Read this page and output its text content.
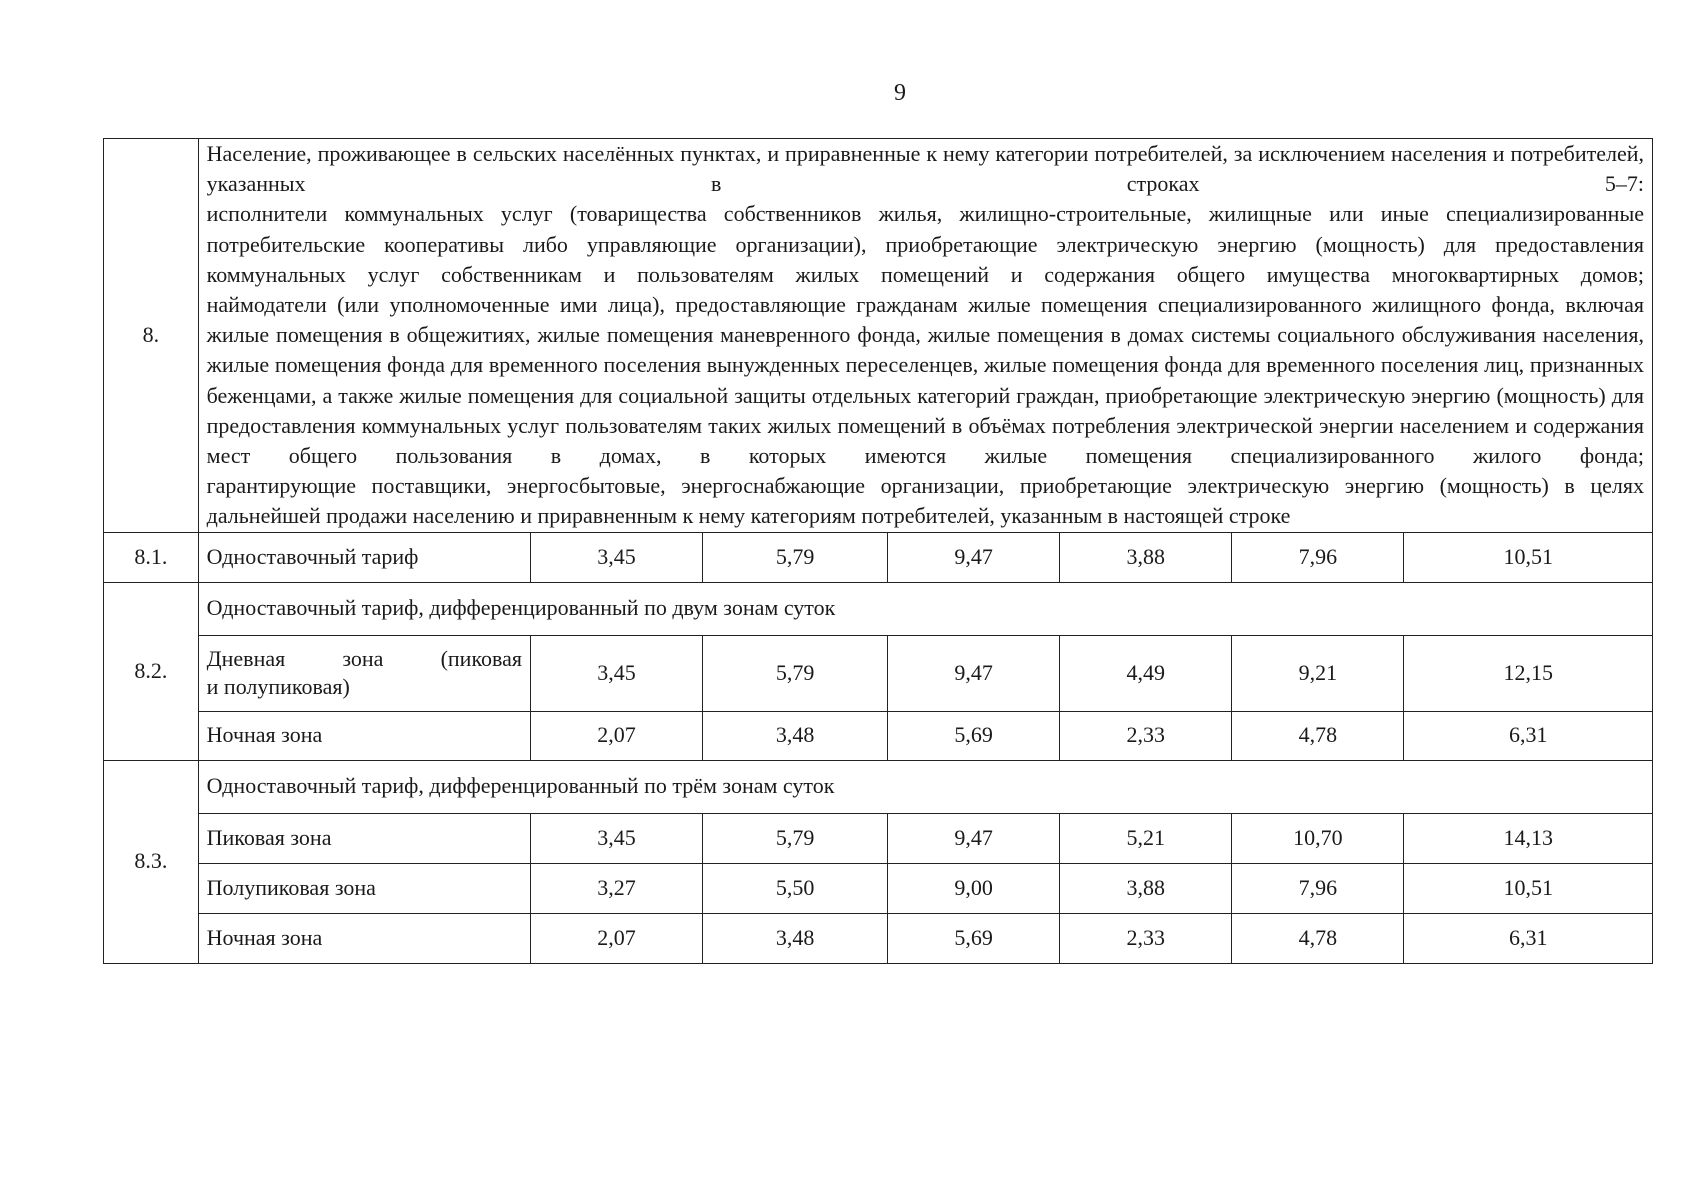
9
8.	Население, проживающее в сельских населённых пунктах, и приравненные к нему категории потребителей, за исключением населения и потребителей, указанных в строках 5–7:

исполнители коммунальных услуг (товарищества собственников жилья, жилищно-строительные, жилищные или иные специализированные потребительские кооперативы либо управляющие организации), приобретающие электрическую энергию (мощность) для предоставления коммунальных услуг собственникам и пользователям жилых помещений и содержания общего имущества многоквартирных домов;

наймодатели (или уполномоченные ими лица), предоставляющие гражданам жилые помещения специализированного жилищного фонда, включая жилые помещения в общежитиях, жилые помещения маневренного фонда, жилые помещения в домах системы социального обслуживания населения, жилые помещения фонда для временного поселения вынужденных переселенцев, жилые помещения фонда для временного поселения лиц, признанных беженцами, а также жилые помещения для социальной защиты отдельных категорий граждан, приобретающие электрическую энергию (мощность) для предоставления коммунальных услуг пользователям таких жилых помещений в объёмах потребления электрической энергии населением и содержания мест общего пользования в домах, в которых имеются жилые помещения специализированного жилого фонда;

гарантирующие поставщики, энергосбытовые, энергоснабжающие организации, приобретающие электрическую энергию (мощность) в целях дальнейшей продажи населению и приравненным к нему категориям потребителей, указанным в настоящей строке						

8.1.	Одноставочный тариф	3,45	5,79	9,47	3,88	7,96	10,51
8.2.	Одноставочный тариф, дифференцированный по двум зонам суток						
	Дневная зона (пиковая
и полупиковая)	3,45	5,79	9,47	4,49	9,21	12,15
	Ночная зона	2,07	3,48	5,69	2,33	4,78	6,31
8.3.	Одноставочный тариф, дифференцированный по трём зонам суток						
	Пиковая зона	3,45	5,79	9,47	5,21	10,70	14,13
	Полупиковая зона	3,27	5,50	9,00	3,88	7,96	10,51
	Ночная зона	2,07	3,48	5,69	2,33	4,78	6,31
